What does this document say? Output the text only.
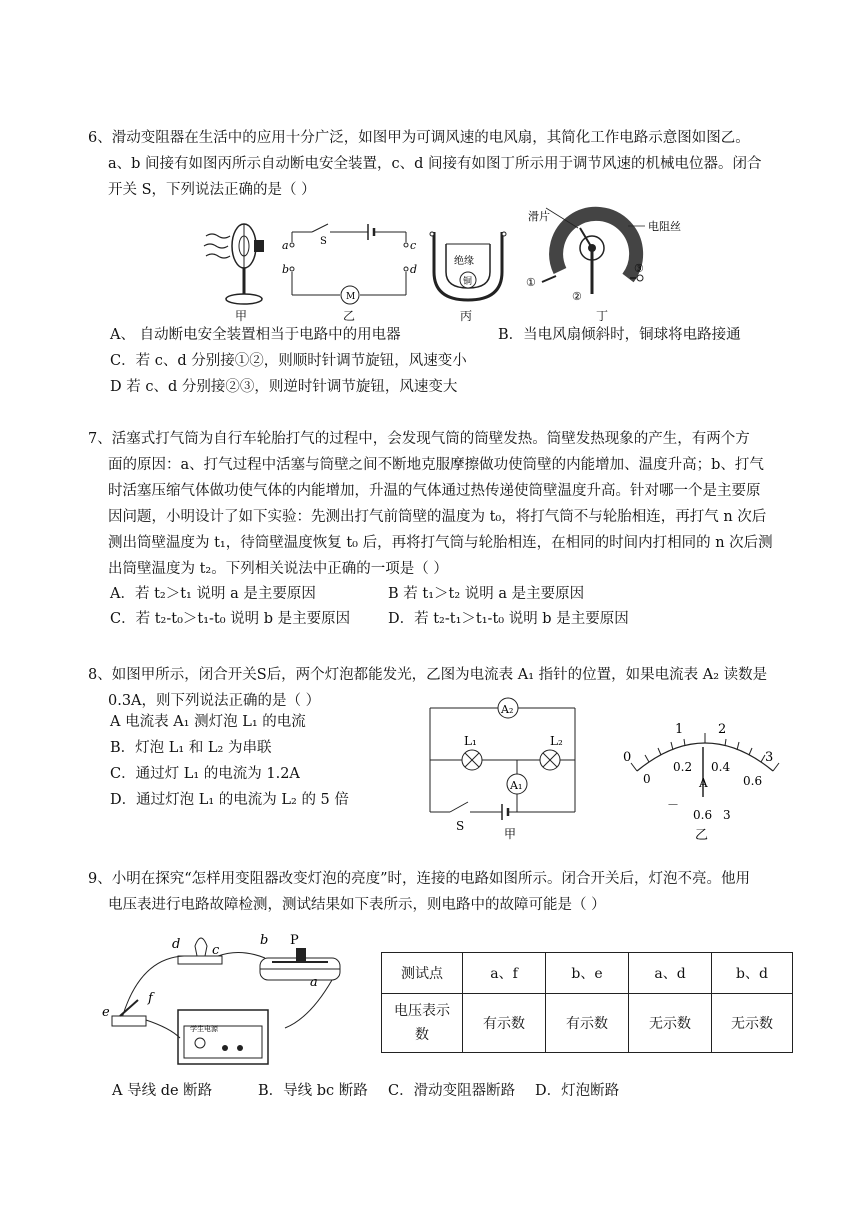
6、滑动变阻器在生活中的应用十分广泛，如图甲为可调风速的电风扇，其简化工作电路示意图如图乙。

a、b 间接有如图丙所示自动断电安全装置，c、d 间接有如图丁所示用于调节风速的机械电位器。闭合

开关 S，下列说法正确的是（ ）

甲
a
b
c
d
S
M
乙
绝缘
铜
丙
滑片
电阻丝
①
②
③
丁
A、 自动断电安全装置相当于电路中的用电器	B．当电风扇倾斜时，铜球将电路接通
C．若 c、d 分别接①②，则顺时针调节旋钮，风速变小
D 若 c、d 分别接②③，则逆时针调节旋钮，风速变大

7、活塞式打气筒为自行车轮胎打气的过程中，会发现气筒的筒壁发热。筒壁发热现象的产生，有两个方

面的原因：a、打气过程中活塞与筒壁之间不断地克服摩擦做功使筒壁的内能增加、温度升高；b、打气

时活塞压缩气体做功使气体的内能增加，升温的气体通过热传递使筒壁温度升高。针对哪一个是主要原

因问题，小明设计了如下实验：先测出打气前筒壁的温度为 t₀，将打气筒不与轮胎相连，再打气 n 次后

测出筒壁温度为 t₁，待筒壁温度恢复 t₀ 后，再将打气筒与轮胎相连，在相同的时间内打相同的 n 次后测

出筒壁温度为 t₂。下列相关说法中正确的一项是（ ）

A．若 t₂＞t₁ 说明 a 是主要原因	B 若 t₁＞t₂ 说明 a 是主要原因
C．若 t₂-t₀＞t₁-t₀ 说明 b 是主要原因	D．若 t₂-t₁＞t₁-t₀ 说明 b 是主要原因

8、如图甲所示，闭合开关S后，两个灯泡都能发光，乙图为电流表 A₁ 指针的位置，如果电流表 A₂ 读数是

0.3A，则下列说法正确的是（ ）

A 电流表 A₁ 测灯泡 L₁ 的电流
B．灯泡 L₁ 和 L₂ 为串联
C．通过灯 L₁ 的电流为 1.2A
D．通过灯泡 L₁ 的电流为 L₂ 的 5 倍
A₂
A₁
L₁	L₂
S
甲
0
1	2
3
0
0.2 0.4
0.6
A
－
0.6 3
乙

9、小明在探究“怎样用变阻器改变灯泡的亮度”时，连接的电路如图所示。闭合开关后，灯泡不亮。他用

电压表进行电路故障检测，测试结果如下表所示，则电路中的故障可能是（ ）

学生电源
d c
b P
a
e
f
测试点	a、f	b、e	a、d	b、d
电压表示数	有示数	有示数	无示数	无示数
A 导线 de 断路	B．导线 bc 断路 C．滑动变阻器断路 D．灯泡断路
